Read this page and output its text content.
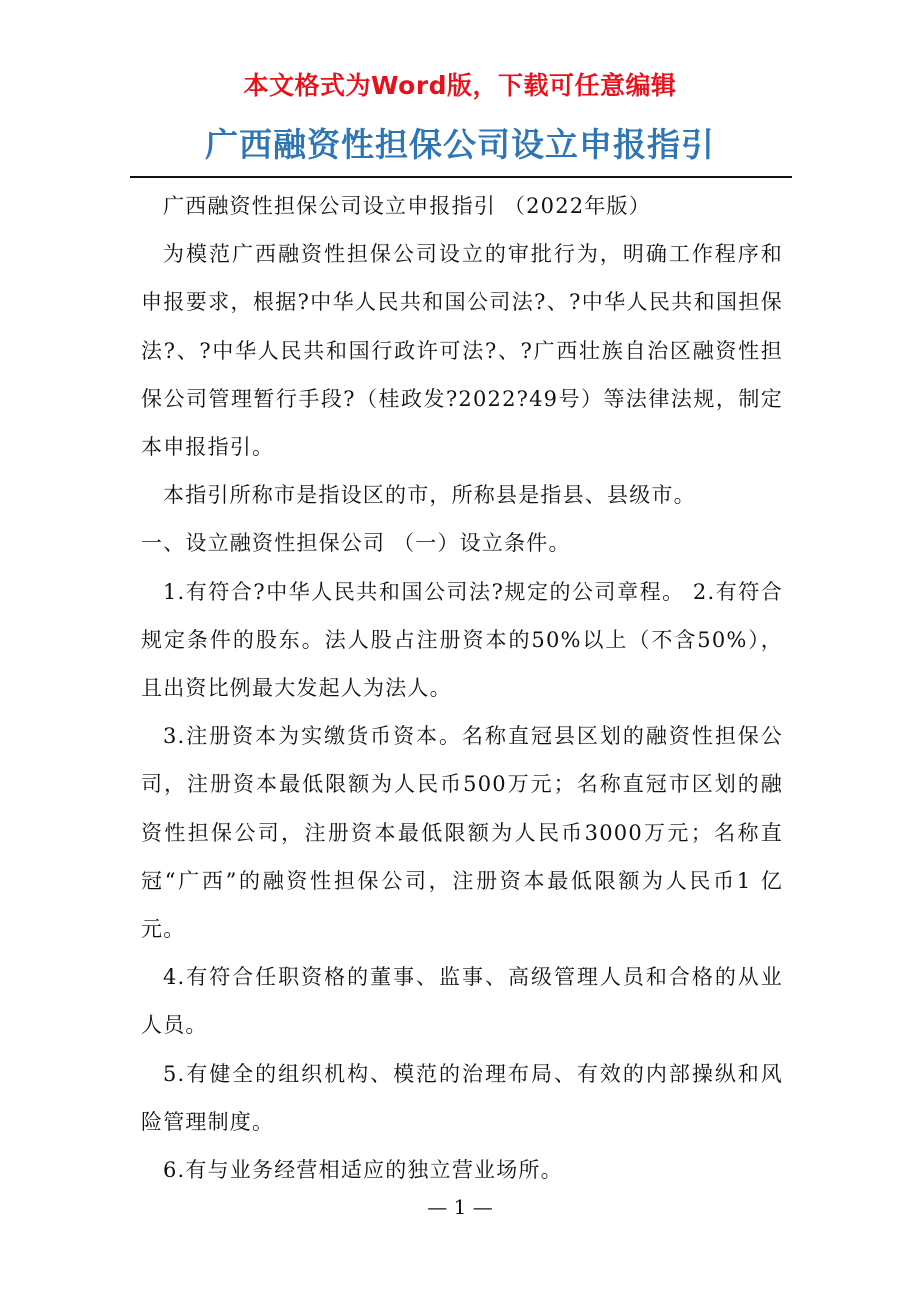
本文格式为Word版，下载可任意编辑
广西融资性担保公司设立申报指引

广西融资性担保公司设立申报指引 （2022年版）

为模范广西融资性担保公司设立的审批行为，明确工作程序和申报要求，根据?中华人民共和国公司法?、?中华人民共和国担保法?、?中华人民共和国行政许可法?、?广西壮族自治区融资性担保公司管理暂行手段?（桂政发?2022?49号）等法律法规，制定本申报指引。

本指引所称市是指设区的市，所称县是指县、县级市。

一、设立融资性担保公司 （一）设立条件。

1.有符合?中华人民共和国公司法?规定的公司章程。 2.有符合规定条件的股东。法人股占注册资本的50%以上（不含50%），且出资比例最大发起人为法人。

3.注册资本为实缴货币资本。名称直冠县区划的融资性担保公司，注册资本最低限额为人民币500万元；名称直冠市区划的融资性担保公司，注册资本最低限额为人民币3000万元；名称直冠“广西”的融资性担保公司，注册资本最低限额为人民币1 亿元。

4.有符合任职资格的董事、监事、高级管理人员和合格的从业人员。

5.有健全的组织机构、模范的治理布局、有效的内部操纵和风险管理制度。

6.有与业务经营相适应的独立营业场所。

— 1 —
